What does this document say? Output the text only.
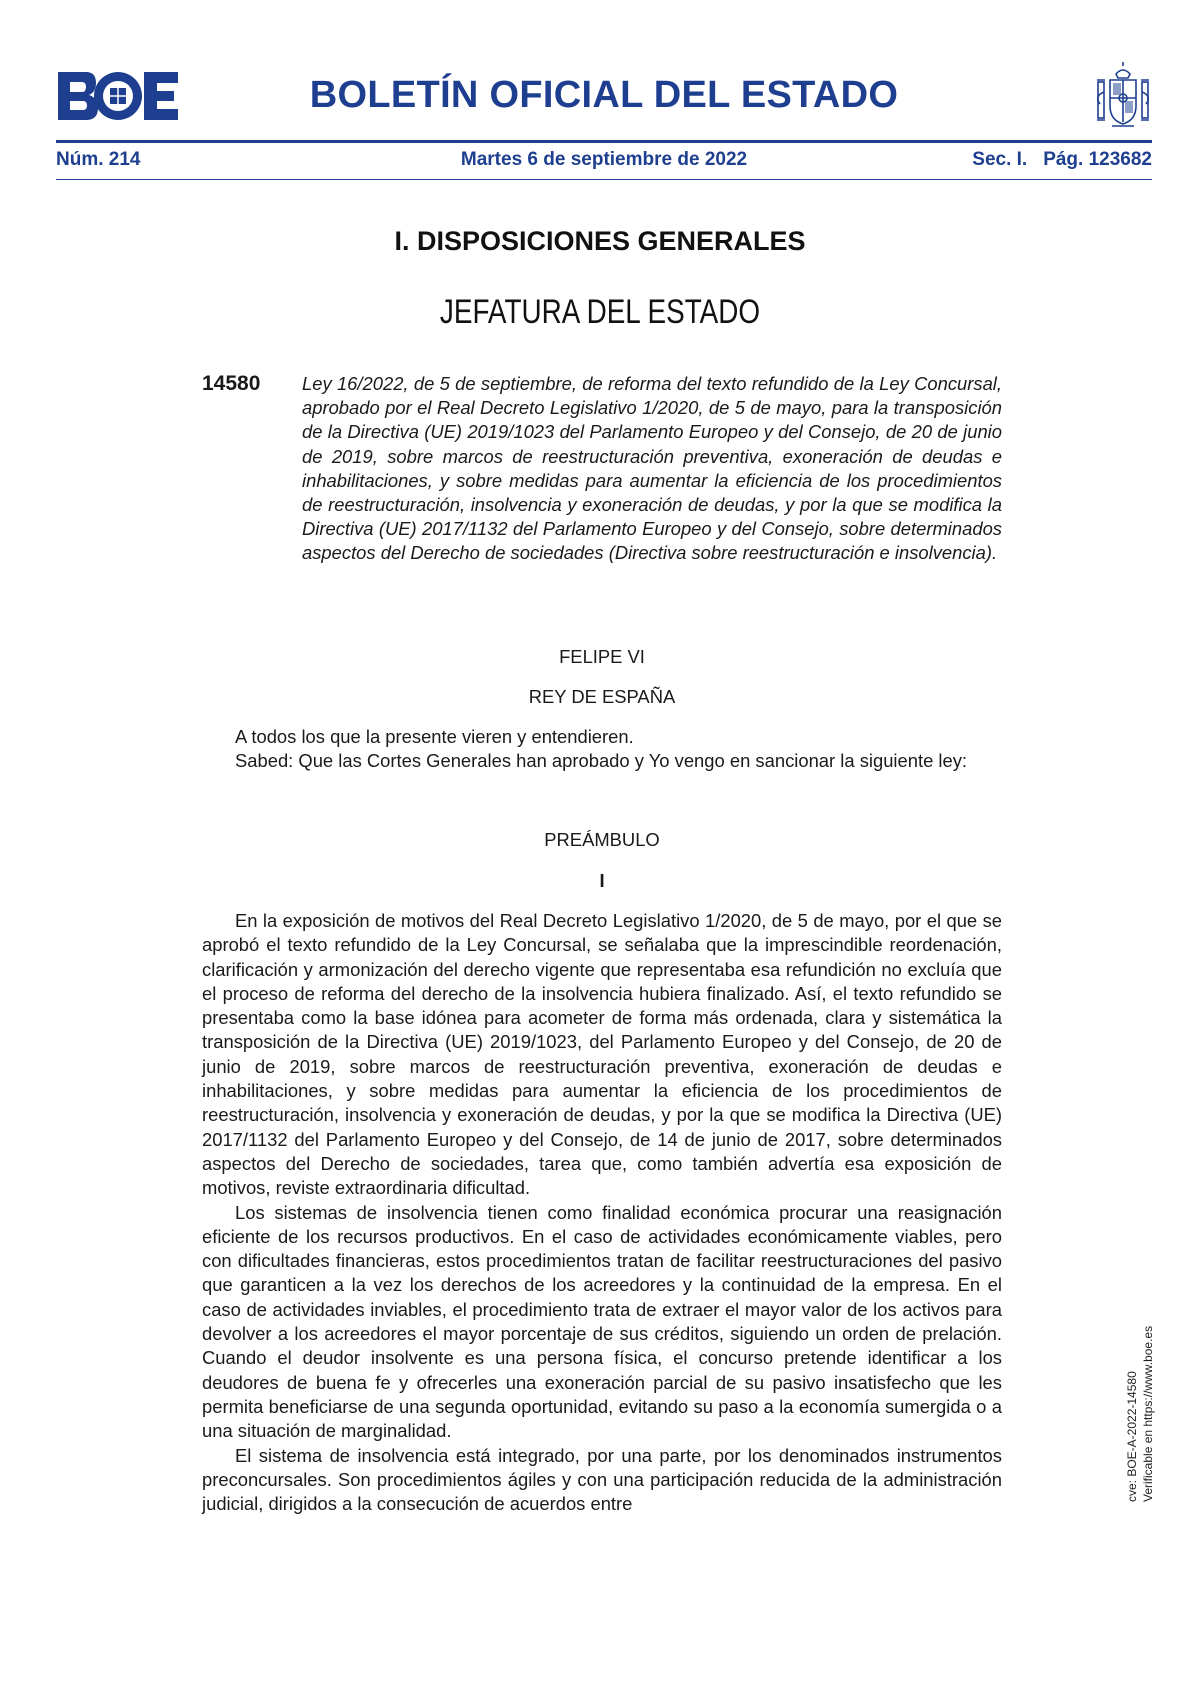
BOLETÍN OFICIAL DEL ESTADO
Núm. 214	Martes 6 de septiembre de 2022	Sec. I. Pág. 123682
I. DISPOSICIONES GENERALES
JEFATURA DEL ESTADO
14580 Ley 16/2022, de 5 de septiembre, de reforma del texto refundido de la Ley Concursal, aprobado por el Real Decreto Legislativo 1/2020, de 5 de mayo, para la transposición de la Directiva (UE) 2019/1023 del Parlamento Europeo y del Consejo, de 20 de junio de 2019, sobre marcos de reestructuración preventiva, exoneración de deudas e inhabilitaciones, y sobre medidas para aumentar la eficiencia de los procedimientos de reestructuración, insolvencia y exoneración de deudas, y por la que se modifica la Directiva (UE) 2017/1132 del Parlamento Europeo y del Consejo, sobre determinados aspectos del Derecho de sociedades (Directiva sobre reestructuración e insolvencia).
FELIPE VI
REY DE ESPAÑA

A todos los que la presente vieren y entendieren.

Sabed: Que las Cortes Generales han aprobado y Yo vengo en sancionar la siguiente ley:

PREÁMBULO
I

En la exposición de motivos del Real Decreto Legislativo 1/2020, de 5 de mayo, por el que se aprobó el texto refundido de la Ley Concursal, se señalaba que la imprescindible reordenación, clarificación y armonización del derecho vigente que representaba esa refundición no excluía que el proceso de reforma del derecho de la insolvencia hubiera finalizado. Así, el texto refundido se presentaba como la base idónea para acometer de forma más ordenada, clara y sistemática la transposición de la Directiva (UE) 2019/1023, del Parlamento Europeo y del Consejo, de 20 de junio de 2019, sobre marcos de reestructuración preventiva, exoneración de deudas e inhabilitaciones, y sobre medidas para aumentar la eficiencia de los procedimientos de reestructuración, insolvencia y exoneración de deudas, y por la que se modifica la Directiva (UE) 2017/1132 del Parlamento Europeo y del Consejo, de 14 de junio de 2017, sobre determinados aspectos del Derecho de sociedades, tarea que, como también advertía esa exposición de motivos, reviste extraordinaria dificultad.

Los sistemas de insolvencia tienen como finalidad económica procurar una reasignación eficiente de los recursos productivos. En el caso de actividades económicamente viables, pero con dificultades financieras, estos procedimientos tratan de facilitar reestructuraciones del pasivo que garanticen a la vez los derechos de los acreedores y la continuidad de la empresa. En el caso de actividades inviables, el procedimiento trata de extraer el mayor valor de los activos para devolver a los acreedores el mayor porcentaje de sus créditos, siguiendo un orden de prelación. Cuando el deudor insolvente es una persona física, el concurso pretende identificar a los deudores de buena fe y ofrecerles una exoneración parcial de su pasivo insatisfecho que les permita beneficiarse de una segunda oportunidad, evitando su paso a la economía sumergida o a una situación de marginalidad.

El sistema de insolvencia está integrado, por una parte, por los denominados instrumentos preconcursales. Son procedimientos ágiles y con una participación reducida de la administración judicial, dirigidos a la consecución de acuerdos entre

cve: BOE-A-2022-14580 Verificable en https://www.boe.es
